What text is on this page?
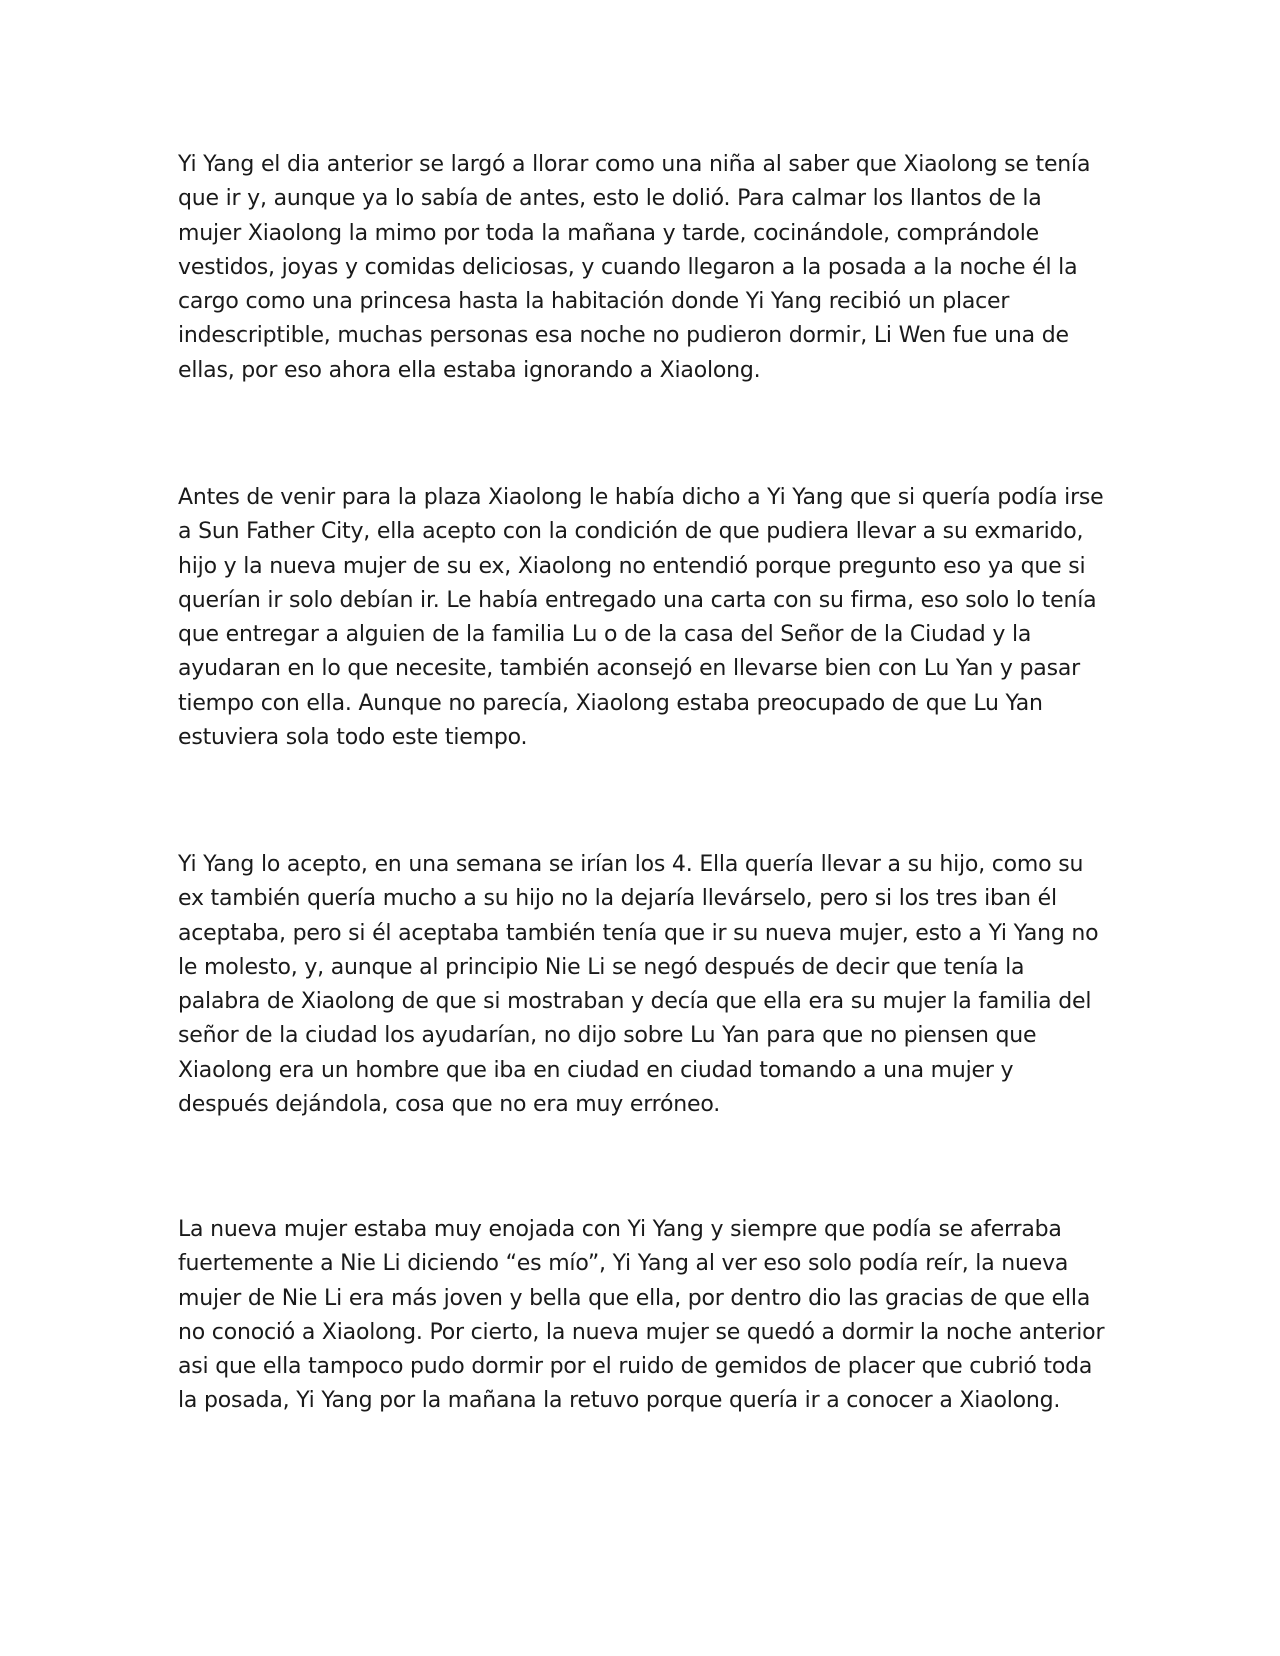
Yi Yang el dia anterior se largó a llorar como una niña al saber que Xiaolong se tenía que ir y, aunque ya lo sabía de antes, esto le dolió. Para calmar los llantos de la mujer Xiaolong la mimo por toda la mañana y tarde, cocinándole, comprándole vestidos, joyas y comidas deliciosas, y cuando llegaron a la posada a la noche él la cargo como una princesa hasta la habitación donde Yi Yang recibió un placer indescriptible, muchas personas esa noche no pudieron dormir, Li Wen fue una de ellas, por eso ahora ella estaba ignorando a Xiaolong.

Antes de venir para la plaza Xiaolong le había dicho a Yi Yang que si quería podía irse a Sun Father City, ella acepto con la condición de que pudiera llevar a su exmarido, hijo y la nueva mujer de su ex, Xiaolong no entendió porque pregunto eso ya que si querían ir solo debían ir. Le había entregado una carta con su firma, eso solo lo tenía que entregar a alguien de la familia Lu o de la casa del Señor de la Ciudad y la ayudaran en lo que necesite, también aconsejó en llevarse bien con Lu Yan y pasar tiempo con ella. Aunque no parecía, Xiaolong estaba preocupado de que Lu Yan estuviera sola todo este tiempo.

Yi Yang lo acepto, en una semana se irían los 4. Ella quería llevar a su hijo, como su ex también quería mucho a su hijo no la dejaría llevárselo, pero si los tres iban él aceptaba, pero si él aceptaba también tenía que ir su nueva mujer, esto a Yi Yang no le molesto, y, aunque al principio Nie Li se negó después de decir que tenía la palabra de Xiaolong de que si mostraban y decía que ella era su mujer la familia del señor de la ciudad los ayudarían, no dijo sobre Lu Yan para que no piensen que Xiaolong era un hombre que iba en ciudad en ciudad tomando a una mujer y después dejándola, cosa que no era muy erróneo.

La nueva mujer estaba muy enojada con Yi Yang y siempre que podía se aferraba fuertemente a Nie Li diciendo “es mío”, Yi Yang al ver eso solo podía reír, la nueva mujer de Nie Li era más joven y bella que ella, por dentro dio las gracias de que ella no conoció a Xiaolong. Por cierto, la nueva mujer se quedó a dormir la noche anterior asi que ella tampoco pudo dormir por el ruido de gemidos de placer que cubrió toda la posada, Yi Yang por la mañana la retuvo porque quería ir a conocer a Xiaolong.
